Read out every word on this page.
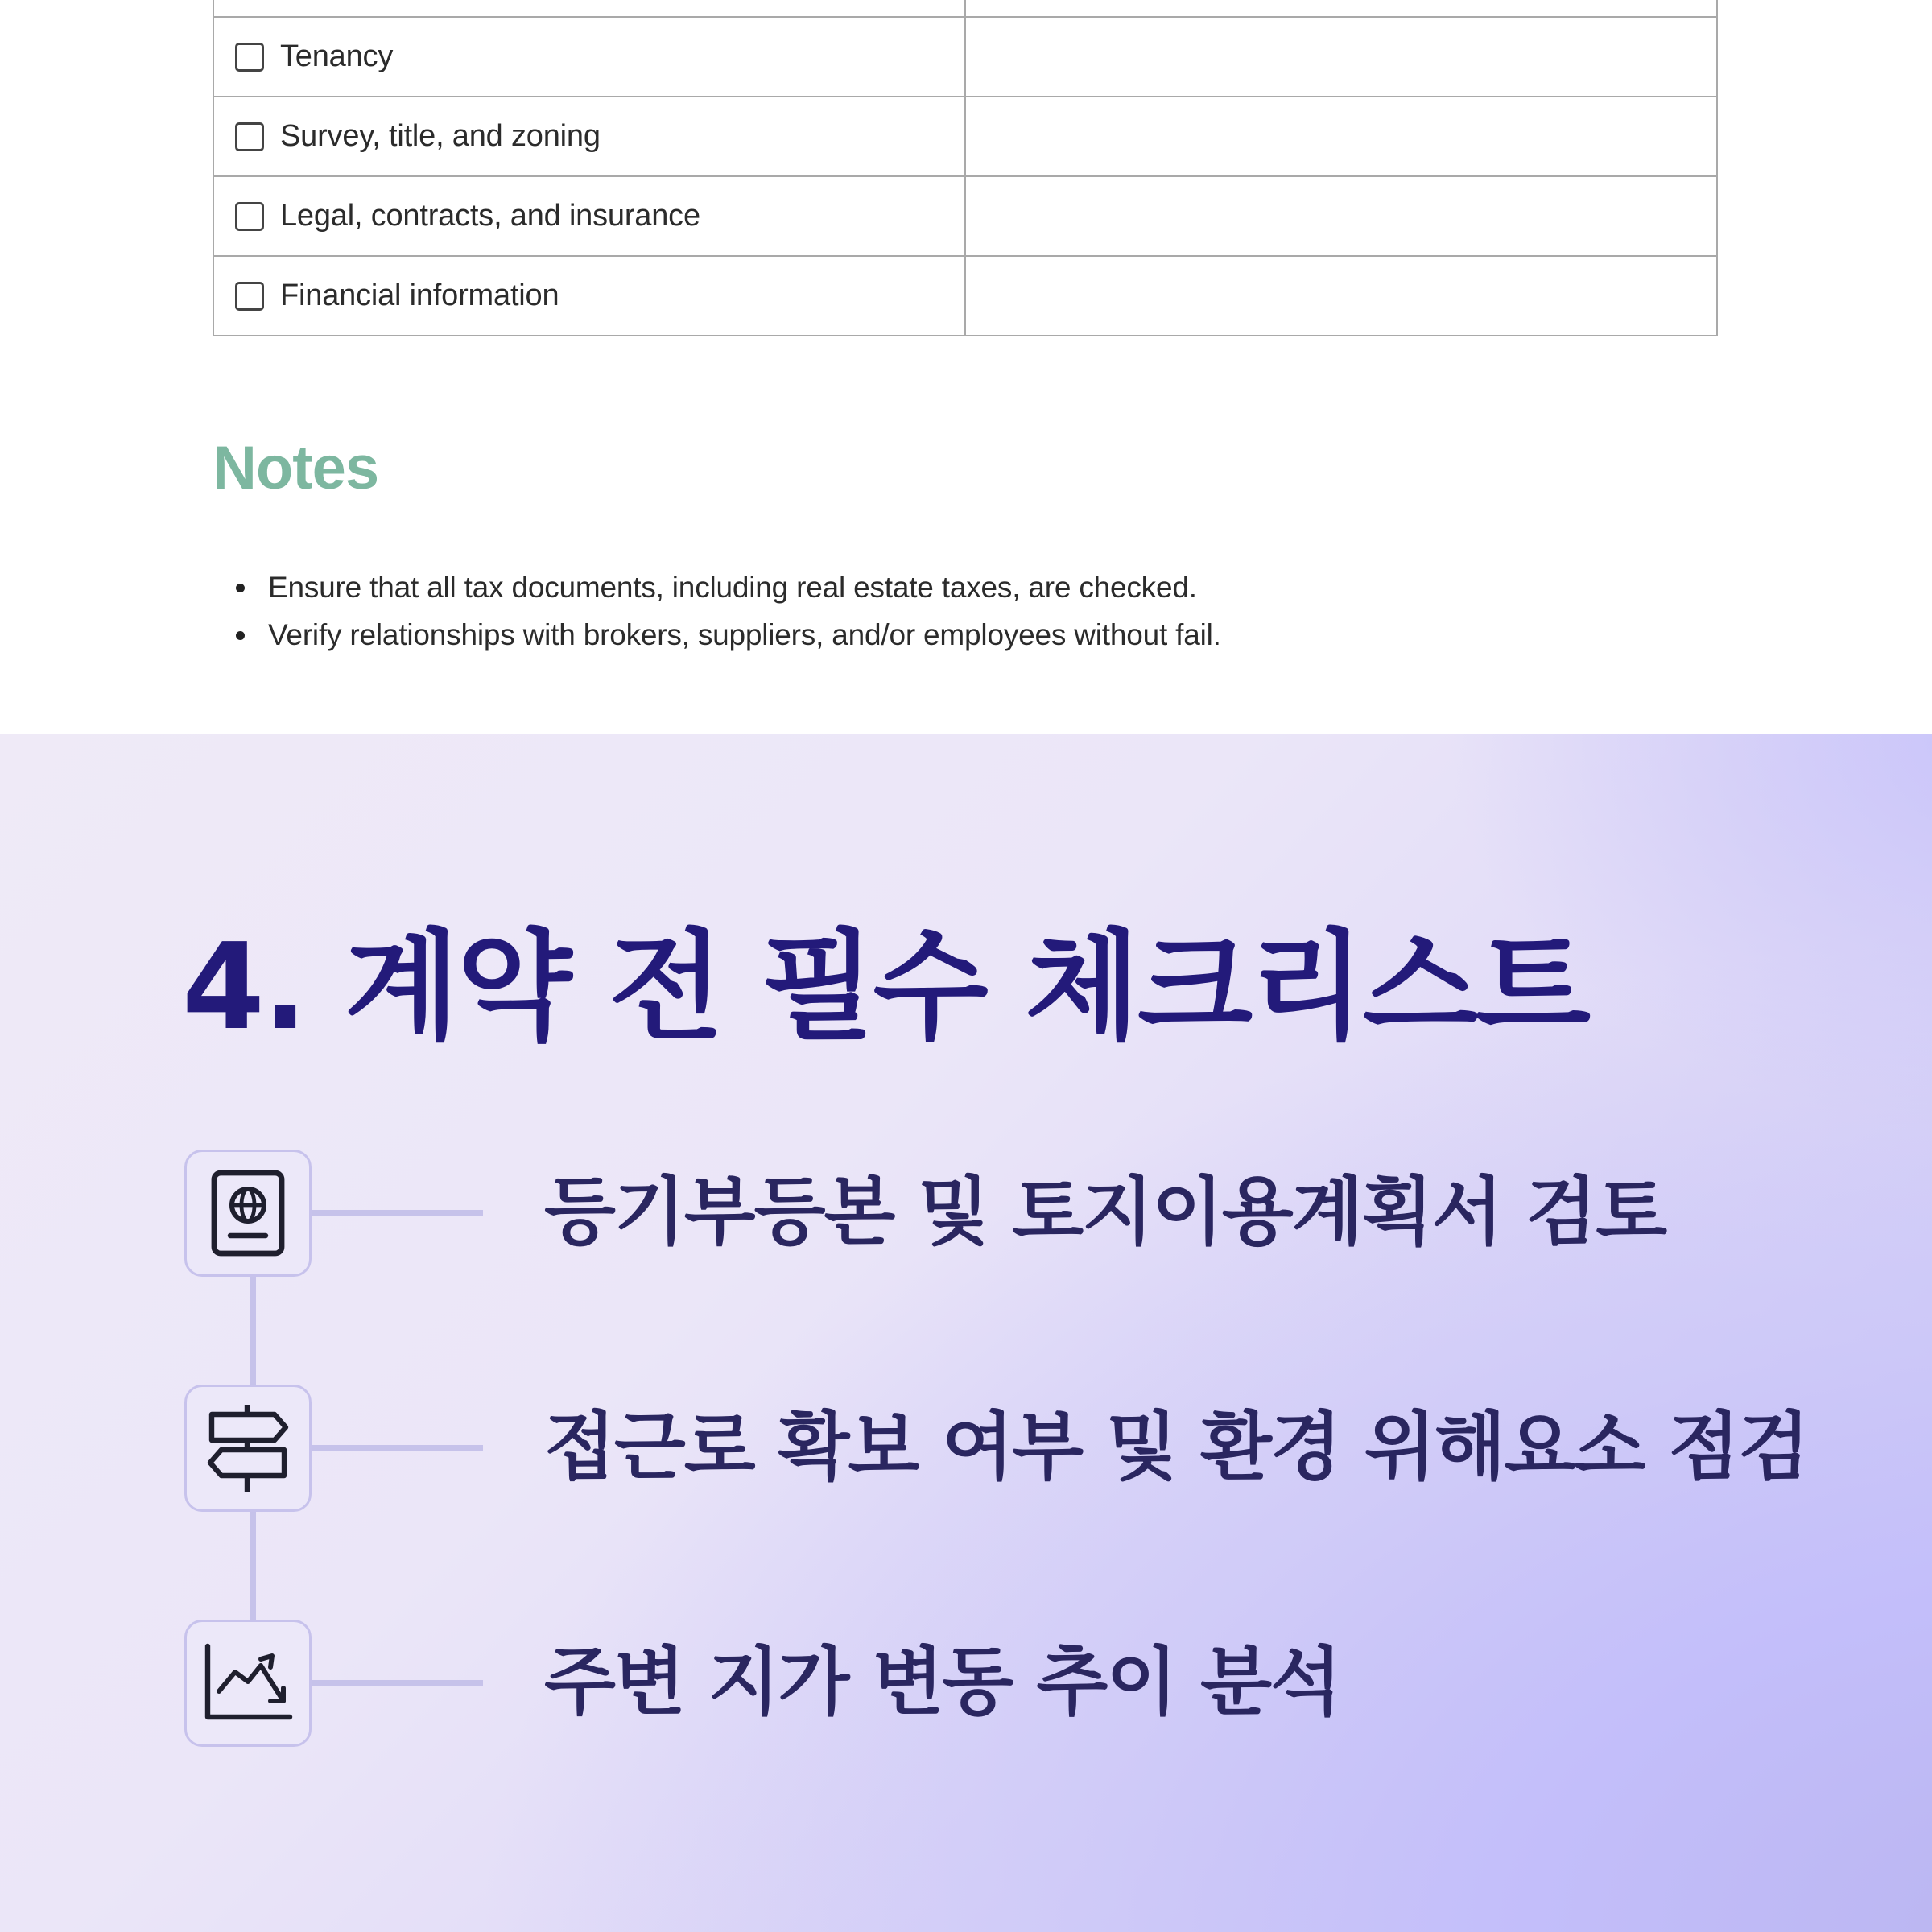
Tenancy	

Survey, title, and zoning	

Legal, contracts, and insurance	

Financial information	

Notes
Ensure that all tax documents, including real estate taxes, are checked.
Verify relationships with brokers, suppliers, and/or employees without fail.
4. 계약 전 필수 체크리스트

등기부등본 및 토지이용계획서 검토

접근로 확보 여부 및 환경 위해요소 점검

주변 지가 변동 추이 분석
